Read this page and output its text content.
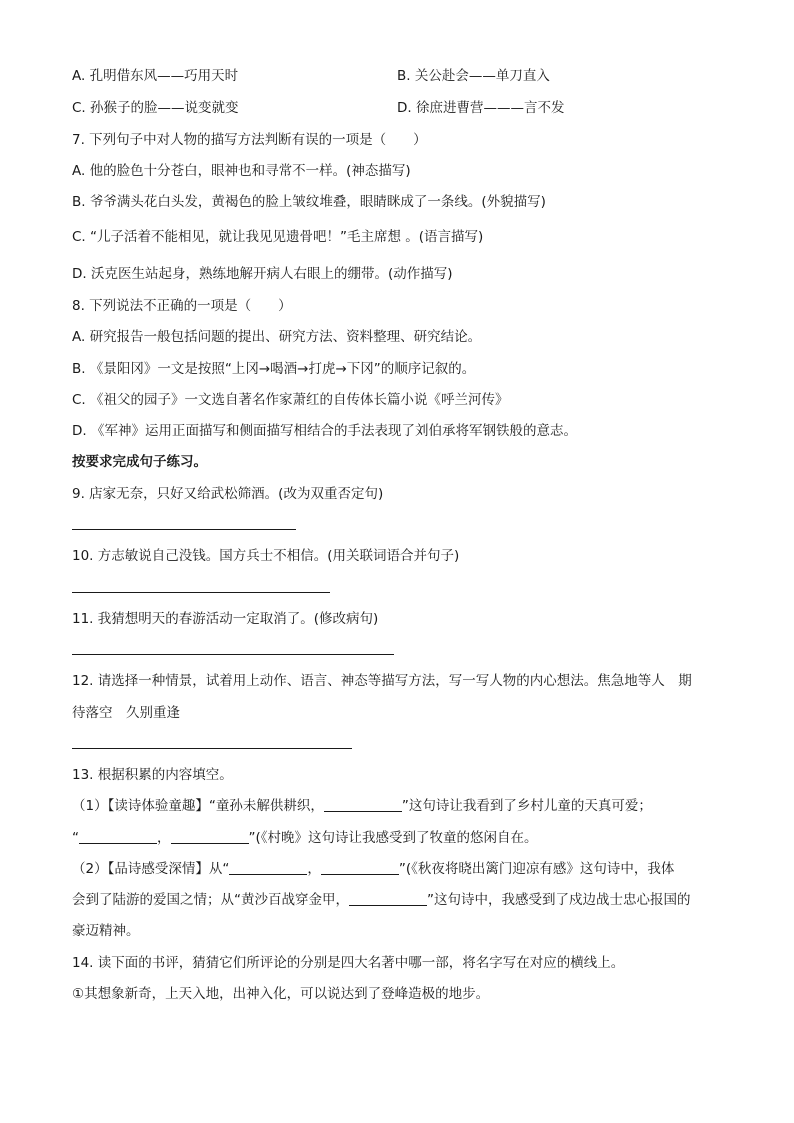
A. 孔明借东风——巧用天时	B. 关公赴会——单刀直入
C. 孙猴子的脸——说变就变	D. 徐庶进曹营———言不发
7. 下列句子中对人物的描写方法判断有误的一项是（　　）
A. 他的脸色十分苍白，眼神也和寻常不一样。(神态描写)
B. 爷爷满头花白头发，黄褐色的脸上皱纹堆叠，眼睛眯成了一条线。(外貌描写)
C. “儿子活着不能相见，就让我见见遗骨吧！”毛主席想 。(语言描写)
D. 沃克医生站起身，熟练地解开病人右眼上的绷带。(动作描写)
8. 下列说法不正确的一项是（　　）
A. 研究报告一般包括问题的提出、研究方法、资料整理、研究结论。
B. 《景阳冈》一文是按照“上冈→喝酒→打虎→下冈”的顺序记叙的。
C. 《祖父的园子》一文选自著名作家萧红的自传体长篇小说《呼兰河传》
D. 《军神》运用正面描写和侧面描写相结合的手法表现了刘伯承将军钢铁般的意志。
按要求完成句子练习。
9. 店家无奈，只好又给武松筛酒。(改为双重否定句)
10. 方志敏说自己没钱。国方兵士不相信。(用关联词语合并句子)
11. 我猜想明天的春游活动一定取消了。(修改病句)
12. 请选择一种情景，试着用上动作、语言、神态等描写方法，写一写人物的内心想法。焦急地等人　期
待落空　久别重逢
13. 根据积累的内容填空。
（1）【读诗体验童趣】“童孙未解供耕织，	”这句诗让我看到了乡村儿童的天真可爱；
“	，	”(《村晚》这句诗让我感受到了牧童的悠闲自在。
（2）【品诗感受深情】从“	，	”(《秋夜将晓出篱门迎凉有感》这句诗中，我体
会到了陆游的爱国之情；从“黄沙百战穿金甲，	”这句诗中，我感受到了戍边战士忠心报国的
豪迈精神。
14. 读下面的书评，猜猜它们所评论的分别是四大名著中哪一部，将名字写在对应的横线上。
①其想象新奇，上天入地，出神入化，可以说达到了登峰造极的地步。
